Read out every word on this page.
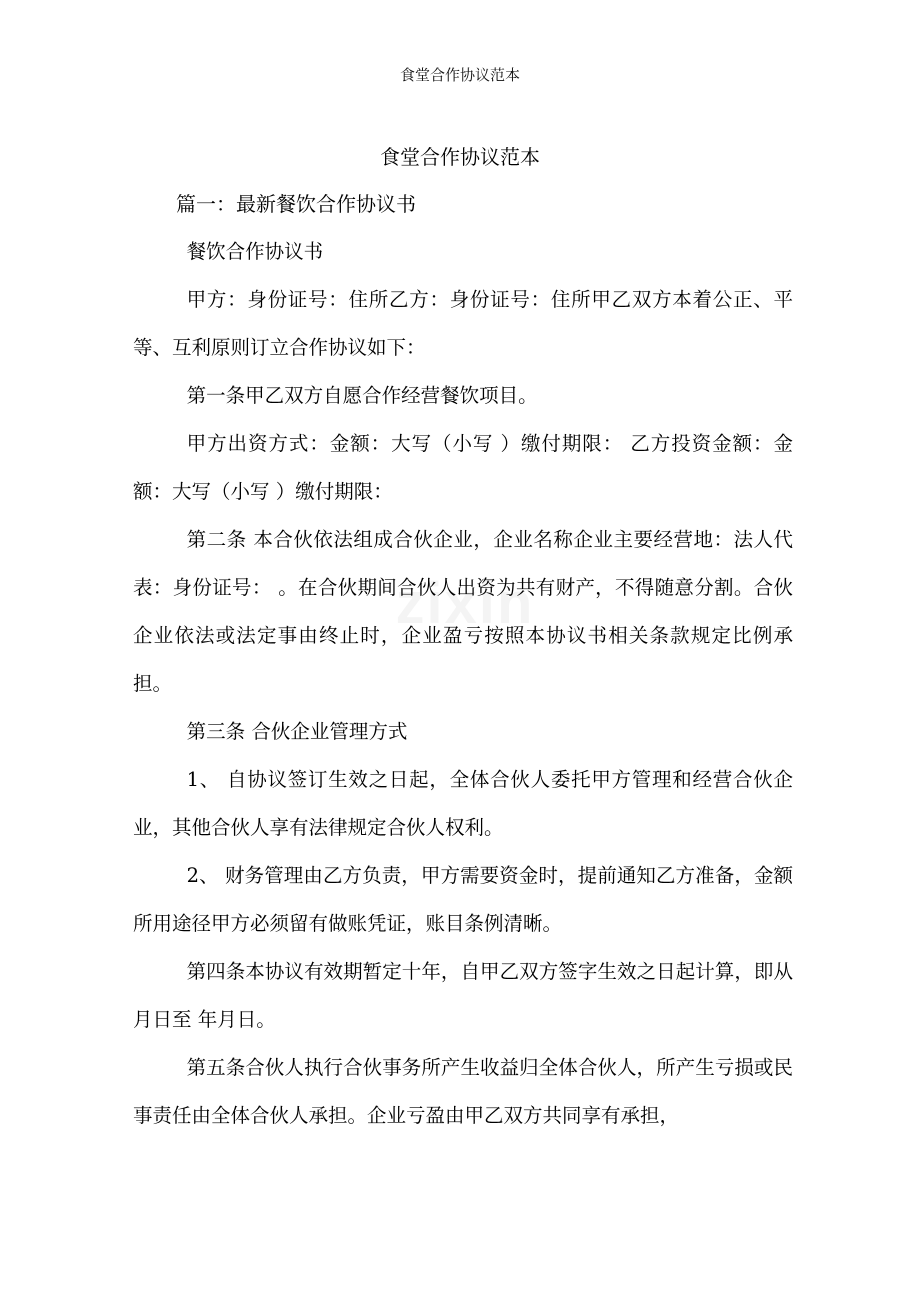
食堂合作协议范本
食堂合作协议范本
篇一：最新餐饮合作协议书

餐饮合作协议书

甲方：身份证号：住所乙方：身份证号：住所甲乙双方本着公正、平等、互利原则订立合作协议如下：

第一条甲乙双方自愿合作经营餐饮项目。

甲方出资方式：金额：大写（小写 ）缴付期限： 乙方投资金额：金额：大写（小写 ）缴付期限：

第二条 本合伙依法组成合伙企业，企业名称企业主要经营地：法人代表：身份证号： 。在合伙期间合伙人出资为共有财产，不得随意分割。合伙企业依法或法定事由终止时，企业盈亏按照本协议书相关条款规定比例承担。

第三条 合伙企业管理方式

1、 自协议签订生效之日起，全体合伙人委托甲方管理和经营合伙企业，其他合伙人享有法律规定合伙人权利。

2、 财务管理由乙方负责，甲方需要资金时，提前通知乙方准备，金额所用途径甲方必须留有做账凭证，账目条例清晰。

第四条本协议有效期暂定十年，自甲乙双方签字生效之日起计算，即从 月日至 年月日。

第五条合伙人执行合伙事务所产生收益归全体合伙人，所产生亏损或民事责任由全体合伙人承担。企业亏盈由甲乙双方共同享有承担，
